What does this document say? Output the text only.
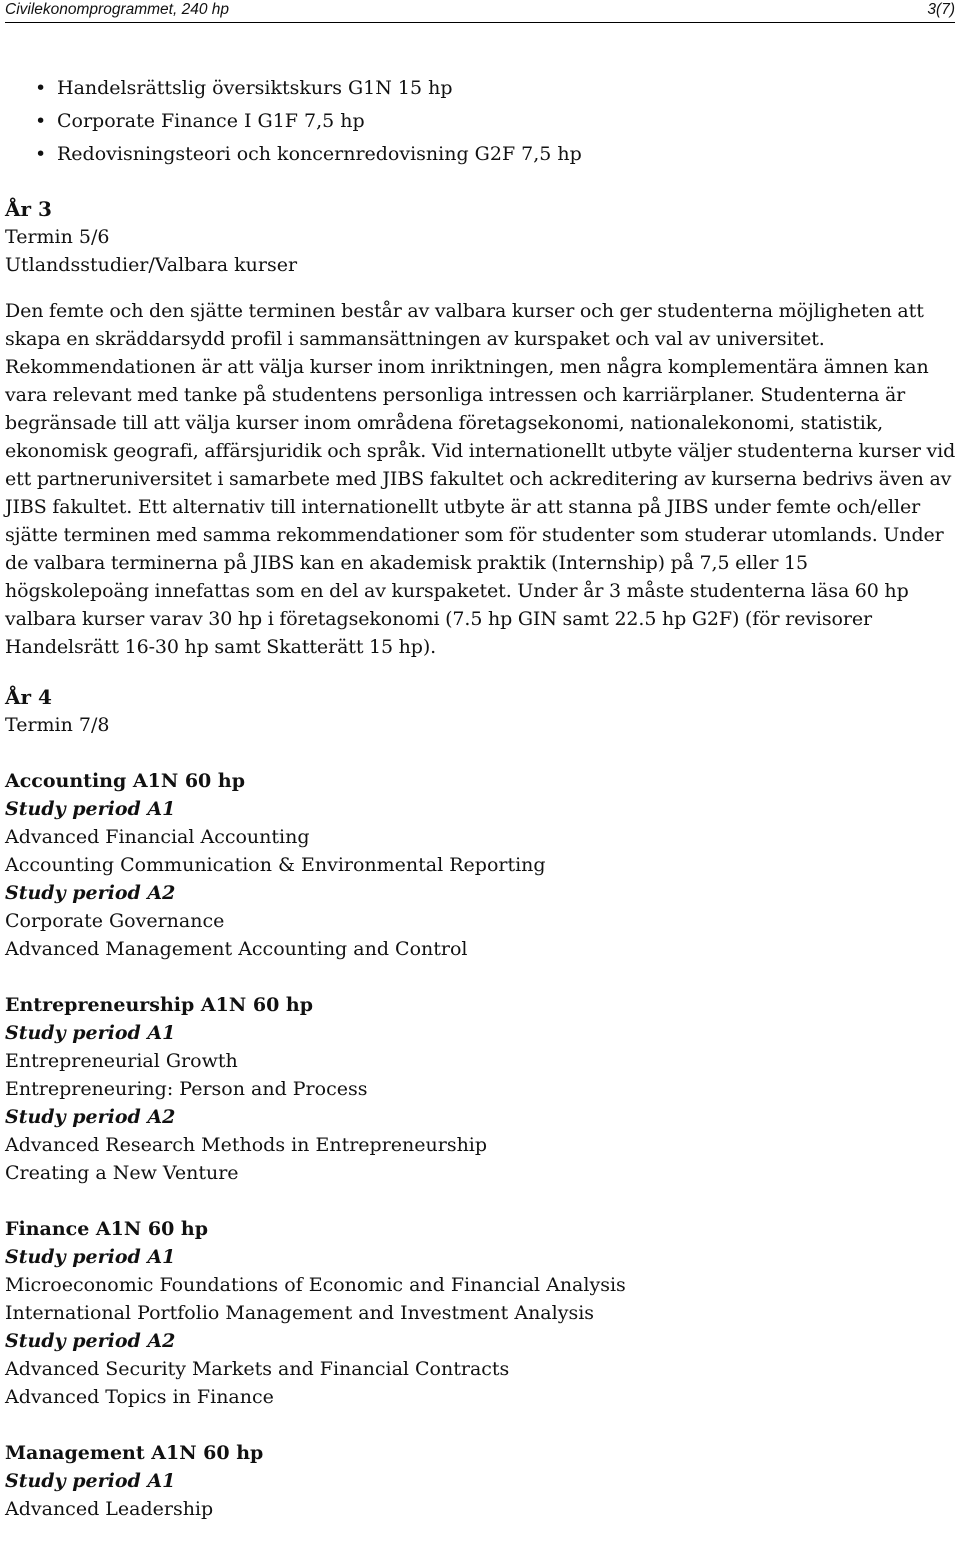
Civilekonomprogrammet, 240 hp	3(7)
• Handelsrättslig översiktskurs G1N 15 hp
• Corporate Finance I G1F 7,5 hp
• Redovisningsteori och koncernredovisning G2F 7,5 hp

År 3

Termin 5/6

Utlandsstudier/Valbara kurser

Den femte och den sjätte terminen består av valbara kurser och ger studenterna möjligheten att skapa en skräddarsydd profil i sammansättningen av kurspaket och val av universitet. Rekommendationen är att välja kurser inom inriktningen, men några komplementära ämnen kan vara relevant med tanke på studentens personliga intressen och karriärplaner. Studenterna är begränsade till att välja kurser inom områdena företagsekonomi, nationalekonomi, statistik, ekonomisk geografi, affärsjuridik och språk. Vid internationellt utbyte väljer studenterna kurser vid ett partneruniversitet i samarbete med JIBS fakultet och ackreditering av kurserna bedrivs även av JIBS fakultet. Ett alternativ till internationellt utbyte är att stanna på JIBS under femte och/eller sjätte terminen med samma rekommendationer som för studenter som studerar utomlands. Under de valbara terminerna på JIBS kan en akademisk praktik (Internship) på 7,5 eller 15 högskolepoäng innefattas som en del av kurspaketet. Under år 3 måste studenterna läsa 60 hp valbara kurser varav 30 hp i företagsekonomi (7.5 hp GIN samt 22.5 hp G2F) (för revisorer Handelsrätt 16-30 hp samt Skatterätt 15 hp).

År 4

Termin 7/8

Accounting A1N 60 hp

Study period A1

Advanced Financial Accounting

Accounting Communication & Environmental Reporting

Study period A2

Corporate Governance

Advanced Management Accounting and Control

Entrepreneurship A1N 60 hp

Study period A1

Entrepreneurial Growth

Entrepreneuring: Person and Process

Study period A2

Advanced Research Methods in Entrepreneurship

Creating a New Venture

Finance A1N 60 hp

Study period A1

Microeconomic Foundations of Economic and Financial Analysis

International Portfolio Management and Investment Analysis

Study period A2

Advanced Security Markets and Financial Contracts

Advanced Topics in Finance

Management A1N 60 hp

Study period A1

Advanced Leadership
